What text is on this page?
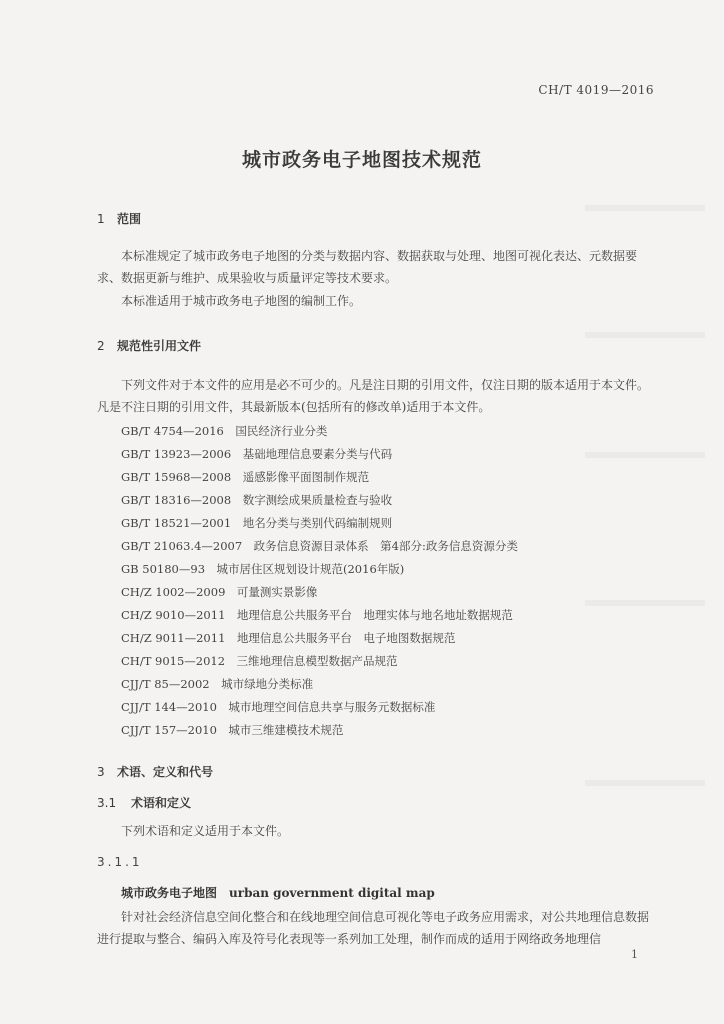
CH/T 4019—2016
城市政务电子地图技术规范
1 范围
本标准规定了城市政务电子地图的分类与数据内容、数据获取与处理、地图可视化表达、元数据要求、数据更新与维护、成果验收与质量评定等技术要求。
本标准适用于城市政务电子地图的编制工作。
2 规范性引用文件
下列文件对于本文件的应用是必不可少的。凡是注日期的引用文件，仅注日期的版本适用于本文件。凡是不注日期的引用文件，其最新版本(包括所有的修改单)适用于本文件。
GB/T 4754—2016　国民经济行业分类
GB/T 13923—2006　基础地理信息要素分类与代码
GB/T 15968—2008　遥感影像平面图制作规范
GB/T 18316—2008　数字测绘成果质量检查与验收
GB/T 18521—2001　地名分类与类别代码编制规则
GB/T 21063.4—2007　政务信息资源目录体系　第4部分:政务信息资源分类
GB 50180—93　城市居住区规划设计规范(2016年版)
CH/Z 1002—2009　可量测实景影像
CH/Z 9010—2011　地理信息公共服务平台　地理实体与地名地址数据规范
CH/Z 9011—2011　地理信息公共服务平台　电子地图数据规范
CH/T 9015—2012　三维地理信息模型数据产品规范
CJJ/T 85—2002　城市绿地分类标准
CJJ/T 144—2010　城市地理空间信息共享与服务元数据标准
CJJ/T 157—2010　城市三维建模技术规范
3 术语、定义和代号
3.1 术语和定义
下列术语和定义适用于本文件。
3.1.1
城市政务电子地图 urban government digital map
针对社会经济信息空间化整合和在线地理空间信息可视化等电子政务应用需求，对公共地理信息数据进行提取与整合、编码入库及符号化表现等一系列加工处理，制作而成的适用于网络政务地理信
1
